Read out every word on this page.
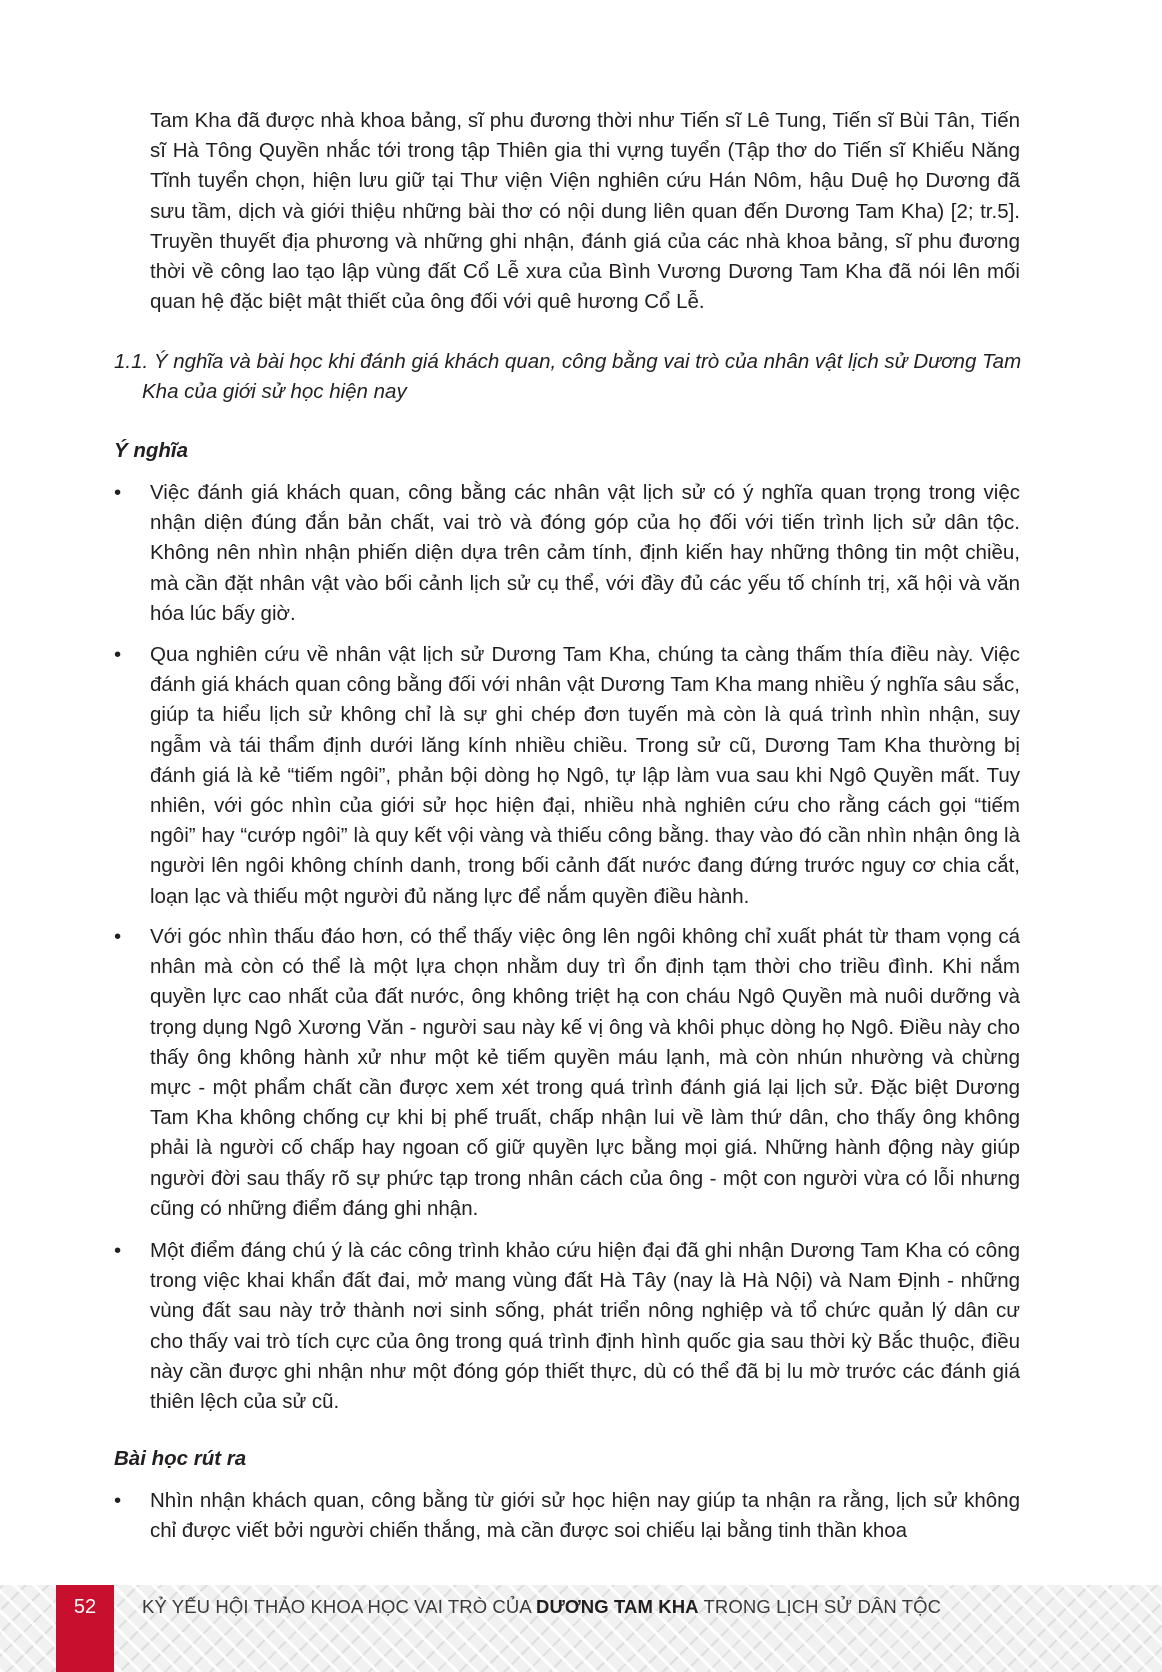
Tam Kha đã được nhà khoa bảng, sĩ phu đương thời như Tiến sĩ Lê Tung, Tiến sĩ Bùi Tân, Tiến sĩ Hà Tông Quyền nhắc tới trong tập Thiên gia thi vựng tuyển (Tập thơ do Tiến sĩ Khiếu Năng Tĩnh tuyển chọn, hiện lưu giữ tại Thư viện Viện nghiên cứu Hán Nôm, hậu Duệ họ Dương đã sưu tầm, dịch và giới thiệu những bài thơ có nội dung liên quan đến Dương Tam Kha) [2; tr.5]. Truyền thuyết địa phương và những ghi nhận, đánh giá của các nhà khoa bảng, sĩ phu đương thời về công lao tạo lập vùng đất Cổ Lễ xưa của Bình Vương Dương Tam Kha đã nói lên mối quan hệ đặc biệt mật thiết của ông đối với quê hương Cổ Lễ.

1.1. Ý nghĩa và bài học khi đánh giá khách quan, công bằng vai trò của nhân vật lịch sử Dương Tam Kha của giới sử học hiện nay

Ý nghĩa

• Việc đánh giá khách quan, công bằng các nhân vật lịch sử có ý nghĩa quan trọng trong việc nhận diện đúng đắn bản chất, vai trò và đóng góp của họ đối với tiến trình lịch sử dân tộc. Không nên nhìn nhận phiến diện dựa trên cảm tính, định kiến hay những thông tin một chiều, mà cần đặt nhân vật vào bối cảnh lịch sử cụ thể, với đầy đủ các yếu tố chính trị, xã hội và văn hóa lúc bấy giờ.

• Qua nghiên cứu về nhân vật lịch sử Dương Tam Kha, chúng ta càng thấm thía điều này. Việc đánh giá khách quan công bằng đối với nhân vật Dương Tam Kha mang nhiều ý nghĩa sâu sắc, giúp ta hiểu lịch sử không chỉ là sự ghi chép đơn tuyến mà còn là quá trình nhìn nhận, suy ngẫm và tái thẩm định dưới lăng kính nhiều chiều. Trong sử cũ, Dương Tam Kha thường bị đánh giá là kẻ “tiếm ngôi”, phản bội dòng họ Ngô, tự lập làm vua sau khi Ngô Quyền mất. Tuy nhiên, với góc nhìn của giới sử học hiện đại, nhiều nhà nghiên cứu cho rằng cách gọi “tiếm ngôi” hay “cướp ngôi” là quy kết vội vàng và thiếu công bằng. thay vào đó cần nhìn nhận ông là người lên ngôi không chính danh, trong bối cảnh đất nước đang đứng trước nguy cơ chia cắt, loạn lạc và thiếu một người đủ năng lực để nắm quyền điều hành.

• Với góc nhìn thấu đáo hơn, có thể thấy việc ông lên ngôi không chỉ xuất phát từ tham vọng cá nhân mà còn có thể là một lựa chọn nhằm duy trì ổn định tạm thời cho triều đình. Khi nắm quyền lực cao nhất của đất nước, ông không triệt hạ con cháu Ngô Quyền mà nuôi dưỡng và trọng dụng Ngô Xương Văn - người sau này kế vị ông và khôi phục dòng họ Ngô. Điều này cho thấy ông không hành xử như một kẻ tiếm quyền máu lạnh, mà còn nhún nhường và chừng mực - một phẩm chất cần được xem xét trong quá trình đánh giá lại lịch sử. Đặc biệt Dương Tam Kha không chống cự khi bị phế truất, chấp nhận lui về làm thứ dân, cho thấy ông không phải là người cố chấp hay ngoan cố giữ quyền lực bằng mọi giá. Những hành động này giúp người đời sau thấy rõ sự phức tạp trong nhân cách của ông - một con người vừa có lỗi nhưng cũng có những điểm đáng ghi nhận.

• Một điểm đáng chú ý là các công trình khảo cứu hiện đại đã ghi nhận Dương Tam Kha có công trong việc khai khẩn đất đai, mở mang vùng đất Hà Tây (nay là Hà Nội) và Nam Định - những vùng đất sau này trở thành nơi sinh sống, phát triển nông nghiệp và tổ chức quản lý dân cư cho thấy vai trò tích cực của ông trong quá trình định hình quốc gia sau thời kỳ Bắc thuộc, điều này cần được ghi nhận như một đóng góp thiết thực, dù có thể đã bị lu mờ trước các đánh giá thiên lệch của sử cũ.

Bài học rút ra

• Nhìn nhận khách quan, công bằng từ giới sử học hiện nay giúp ta nhận ra rằng, lịch sử không chỉ được viết bởi người chiến thắng, mà cần được soi chiếu lại bằng tinh thần khoa

52	KỶ YẾU HỘI THẢO KHOA HỌC VAI TRÒ CỦA DƯƠNG TAM KHA TRONG LỊCH SỬ DÂN TỘC
